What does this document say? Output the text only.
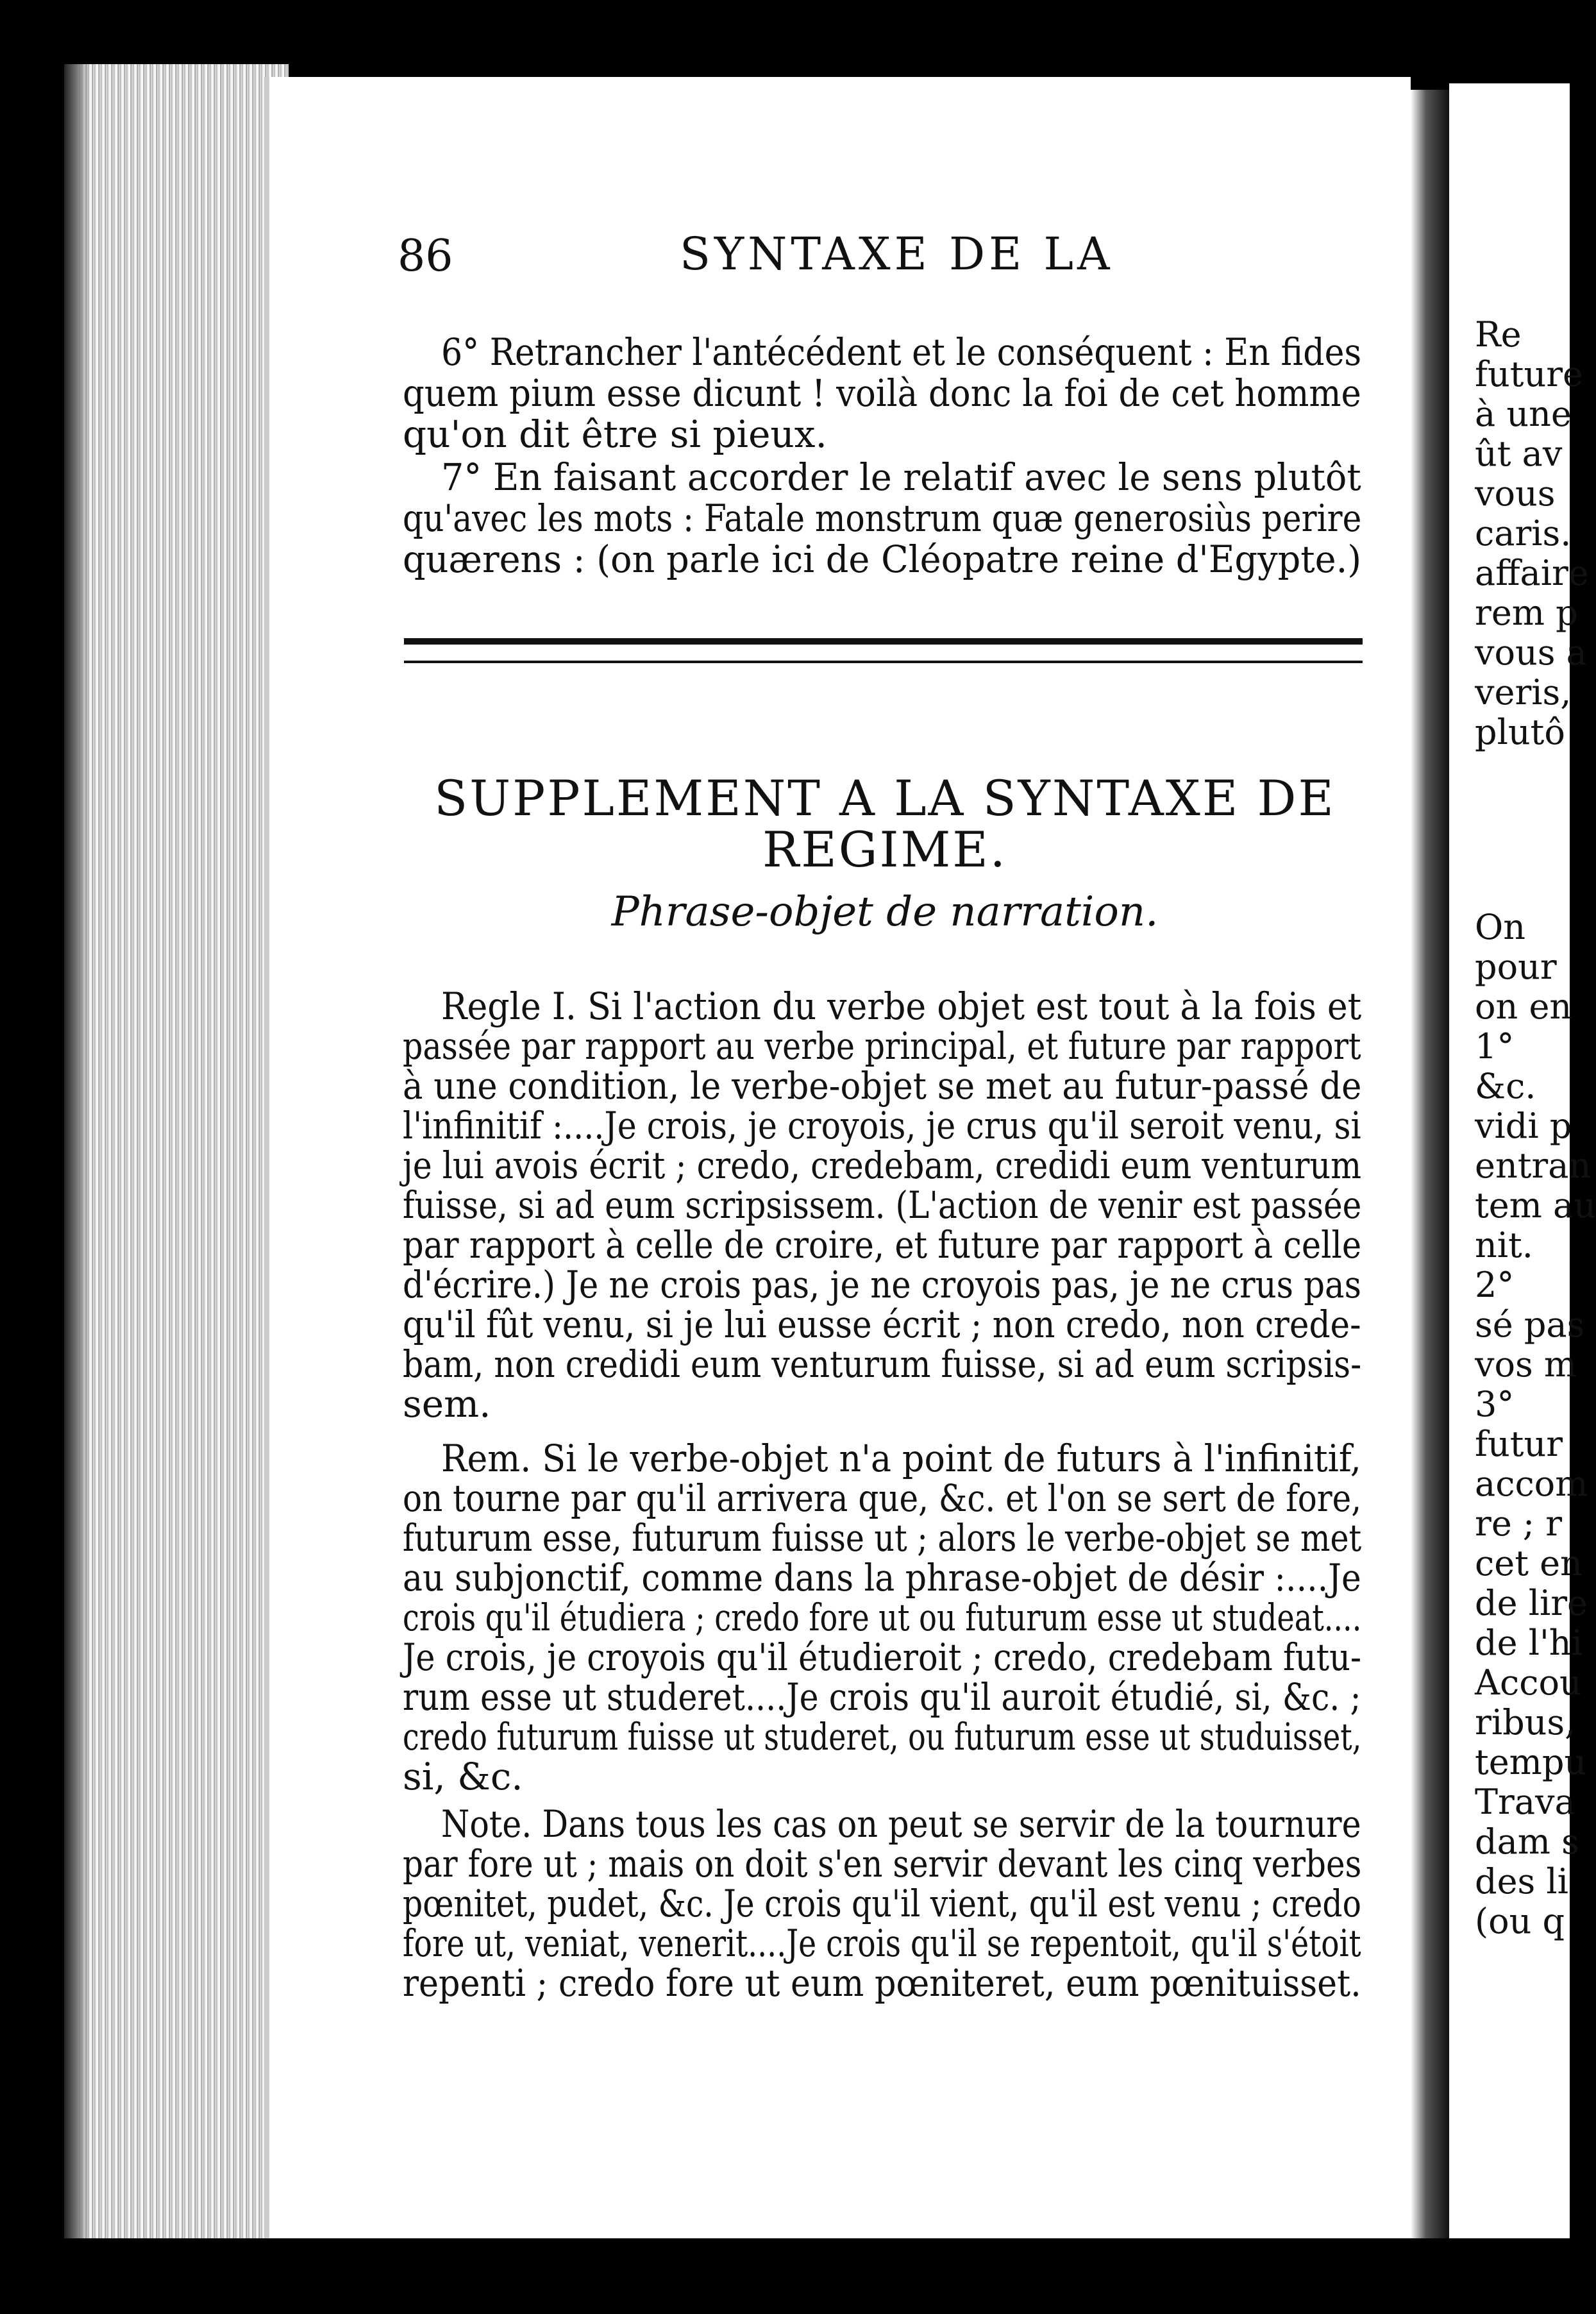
Re
future
à une
ût av
vous
caris.
affaire
rem p
vous a
veris,
plutô
On
pour
on en
1°
&c.
vidi p
entran
tem au
nit.
2°
sé pas
vos m
3°
futur
accom
re ; r
cet en
de lire
de l'hi
Accou
ribus,
tempu
Trava
dam s
des li
(ou q
86	SYNTAXE DE LA
6° Retrancher l'antécédent et le conséquent : En fides
quem pium esse dicunt ! voilà donc la foi de cet homme
qu'on dit être si pieux.
7° En faisant accorder le relatif avec le sens plutôt
qu'avec les mots : Fatale monstrum quæ generosiùs perire
quærens : (on parle ici de Cléopatre reine d'Egypte.)
SUPPLEMENT A LA SYNTAXE DE
REGIME.
Phrase-objet de narration.
Regle I. Si l'action du verbe objet est tout à la fois et
passée par rapport au verbe principal, et future par rapport
à une condition, le verbe-objet se met au futur-passé de
l'infinitif :....Je crois, je croyois, je crus qu'il seroit venu, si
je lui avois écrit ; credo, credebam, credidi eum venturum
fuisse, si ad eum scripsissem. (L'action de venir est passée
par rapport à celle de croire, et future par rapport à celle
d'écrire.) Je ne crois pas, je ne croyois pas, je ne crus pas
qu'il fût venu, si je lui eusse écrit ; non credo, non crede-
bam, non credidi eum venturum fuisse, si ad eum scripsis-
sem.
Rem. Si le verbe-objet n'a point de futurs à l'infinitif,
on tourne par qu'il arrivera que, &c. et l'on se sert de fore,
futurum esse, futurum fuisse ut ; alors le verbe-objet se met
au subjonctif, comme dans la phrase-objet de désir :....Je
crois qu'il étudiera ; credo fore ut ou futurum esse ut studeat....
Je crois, je croyois qu'il étudieroit ; credo, credebam futu-
rum esse ut studeret....Je crois qu'il auroit étudié, si, &c. ;
credo futurum fuisse ut studeret, ou futurum esse ut studuisset,
si, &c.
Note. Dans tous les cas on peut se servir de la tournure
par fore ut ; mais on doit s'en servir devant les cinq verbes
pœnitet, pudet, &c. Je crois qu'il vient, qu'il est venu ; credo
fore ut, veniat, venerit....Je crois qu'il se repentoit, qu'il s'étoit
repenti ; credo fore ut eum pœniteret, eum pœnituisset.
